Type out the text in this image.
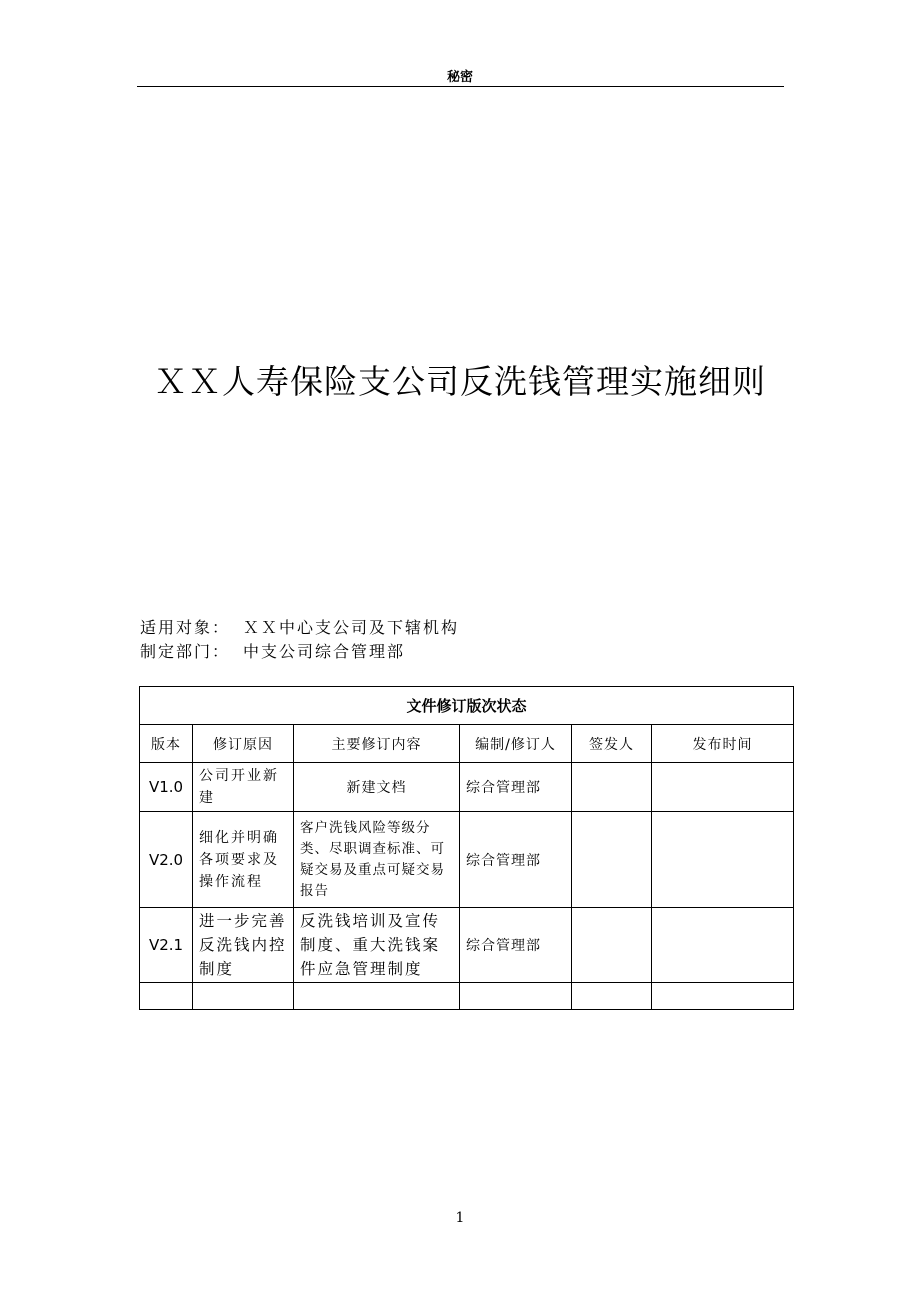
秘密
ＸＸ人寿保险支公司反洗钱管理实施细则
适用对象： ＸＸ中心支公司及下辖机构
制定部门： 中支公司综合管理部
文件修订版次状态					
版本	修订原因	主要修订内容	编制/修订人	签发人	发布时间
V1.0	公司开业新建	新建文档	综合管理部		
V2.0	细化并明确各项要求及操作流程	客户洗钱风险等级分类、尽职调查标准、可疑交易及重点可疑交易报告	综合管理部		
V2.1	进一步完善反洗钱内控制度	反洗钱培训及宣传制度、重大洗钱案件应急管理制度	综合管理部		

1
